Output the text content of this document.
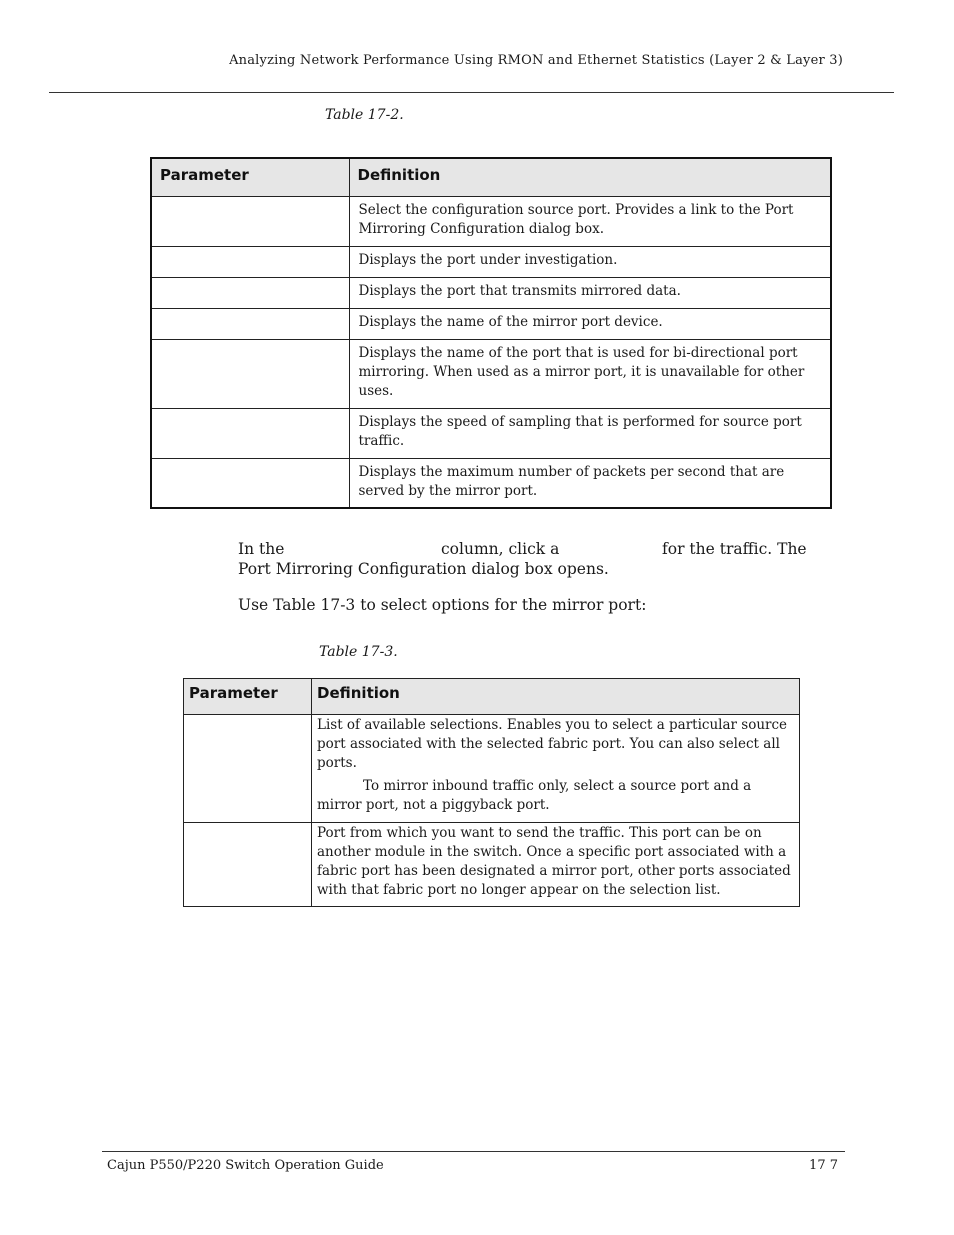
Analyzing Network Performance Using RMON and Ethernet Statistics (Layer 2 & Layer 3)
Table 17-2.
Parameter	Definition
	Select the configuration source port. Provides a link to the Port Mirroring Configuration dialog box.
	Displays the port under investigation.
	Displays the port that transmits mirrored data.
	Displays the name of the mirror port device.
	Displays the name of the port that is used for bi-directional port mirroring. When used as a mirror port, it is unavailable for other uses.
	Displays the speed of sampling that is performed for source port traffic.
	Displays the maximum number of packets per second that are served by the mirror port.
In the	column, click a	for the traffic. The
Port Mirroring Configuration dialog box opens.
Use Table 17-3 to select options for the mirror port:
Table 17-3.
Parameter	Definition

	List of available selections. Enables you to select a particular source port associated with the selected fabric port. You can also select all ports.
To mirror inbound traffic only, select a source port and a mirror port, not a piggyback port.

	Port from which you want to send the traffic. This port can be on another module in the switch. Once a specific port associated with a fabric port has been designated a mirror port, other ports associated with that fabric port no longer appear on the selection list.
Cajun P550/P220 Switch Operation Guide	17 7
